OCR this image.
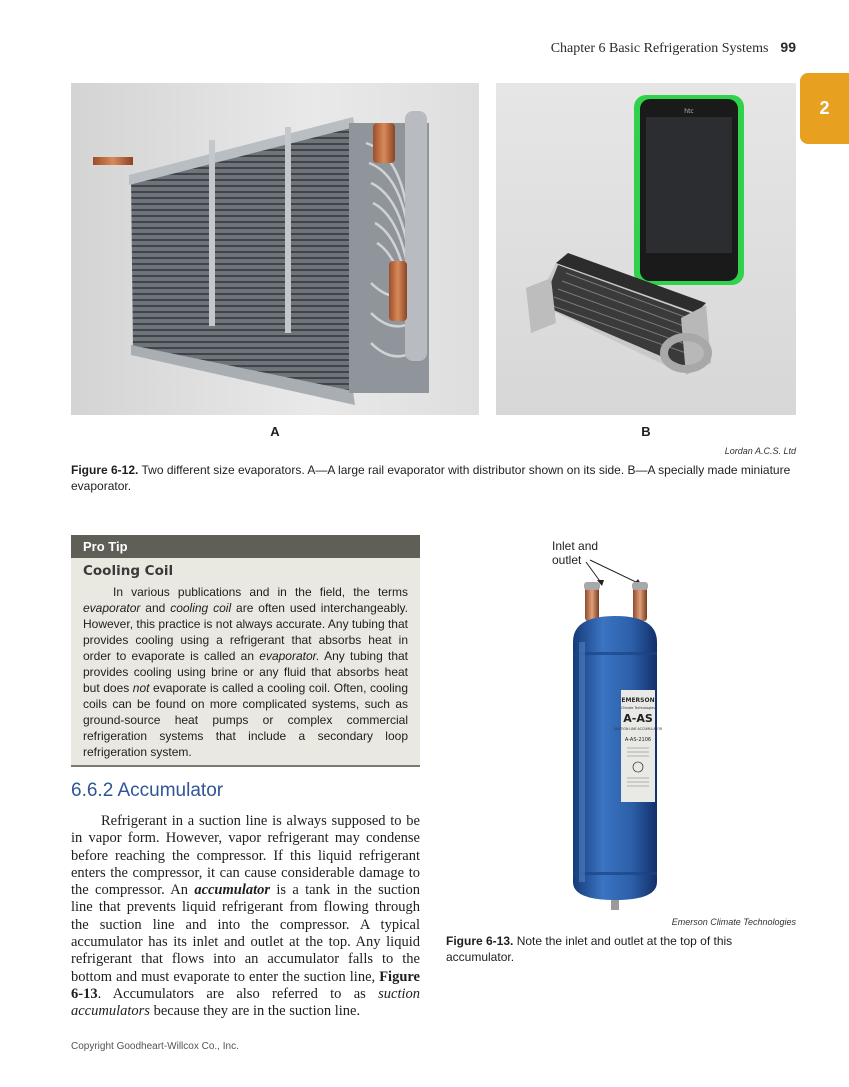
Chapter 6 Basic Refrigeration Systems 99
2
htc
A	B
Lordan A.C.S. Ltd
Figure 6-12. Two different size evaporators. A—A large rail evaporator with distributor shown on its side. B—A specially made miniature evaporator.
Pro Tip
Cooling Coil
In various publications and in the field, the terms evaporator and cooling coil are often used interchangeably. However, this practice is not always accurate. Any tubing that provides cooling using a refrigerant that absorbs heat in order to evaporate is called an evaporator. Any tubing that provides cooling using brine or any fluid that absorbs heat but does not evaporate is called a cooling coil. Often, cooling coils can be found on more complicated systems, such as ground-source heat pumps or complex commercial refrigeration systems that include a secondary loop refrigeration system.
6.6.2 Accumulator
Refrigerant in a suction line is always supposed to be in vapor form. However, vapor refrigerant may condense before reaching the compressor. If this liquid refrigerant enters the compressor, it can cause considerable damage to the compressor. An accumulator is a tank in the suction line that prevents liquid refrigerant from flowing through the suction line and into the compressor. A typical accumulator has its inlet and outlet at the top. Any liquid refrigerant that flows into an accumulator falls to the bottom and must evaporate to enter the suction line, Figure 6-13. Accumulators are also referred to as suction accumulators because they are in the suction line.
Inlet and outlet
EMERSON
Climate Technologies
A-AS
SUCTION LINE ACCUMULATOR
A-AS-2106
Emerson Climate Technologies
Figure 6-13. Note the inlet and outlet at the top of this accumulator.
Copyright Goodheart-Willcox Co., Inc.
